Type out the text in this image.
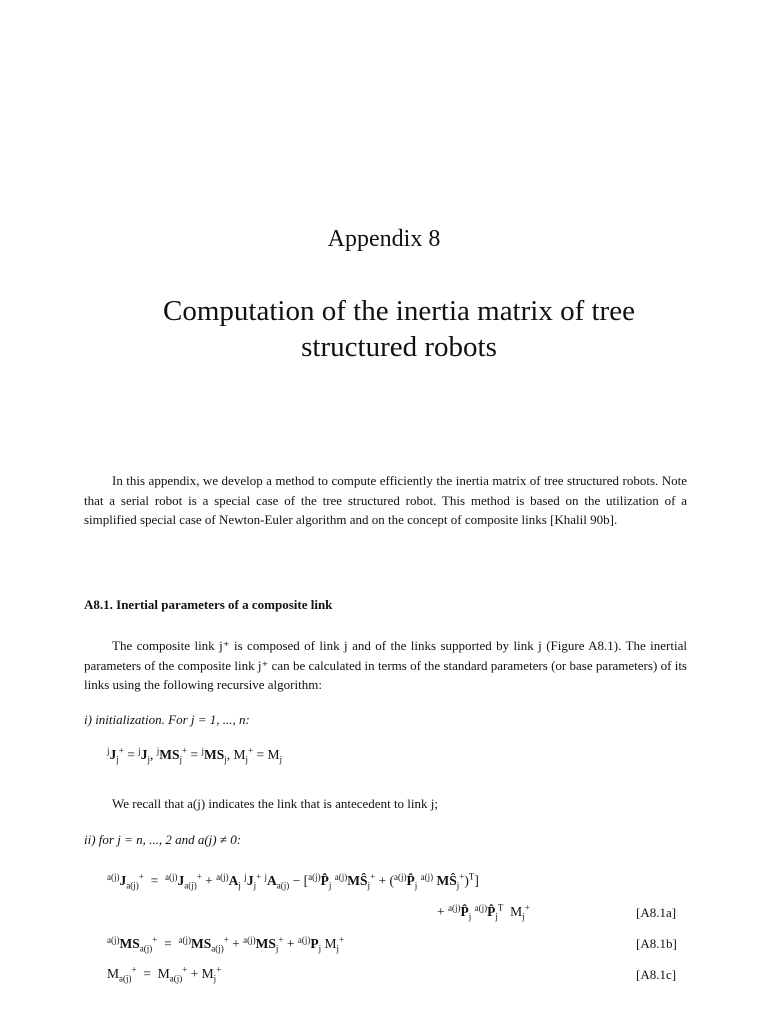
Appendix 8
Computation of the inertia matrix of tree
structured robots

In this appendix, we develop a method to compute efficiently the inertia matrix of tree structured robots. Note that a serial robot is a special case of the tree structured robot. This method is based on the utilization of a simplified special case of Newton-Euler algorithm and on the concept of composite links [Khalil 90b].

A8.1. Inertial parameters of a composite link

The composite link j⁺ is composed of link j and of the links supported by link j (Figure A8.1). The inertial parameters of the composite link j⁺ can be calculated in terms of the standard parameters (or base parameters) of its links using the following recursive algorithm:

i) initialization. For j = 1, ..., n:
$^jJ_j^+ = ^jJ_j$, $^jMS_j^+ = ^jMS_j$, $M_j^+ = M_j$
We recall that a(j) indicates the link that is antecedent to link j;
ii) for j = n, ..., 2 and a(j) ≠ 0:
$^{a(j)}J_{a(j)}^+ = ^{a(j)}J_{a(j)}^+ + ^{a(j)}A_j$ $^jJ_j^+$ $^jA_{a(j)}$ − [$^{a(j)}P̂_j$ $^{a(j)}MŜ_j^+$ + ($^{a(j)}P̂_j$ $^{a(j)}$ $MŜ_j^+)^T$]
+ $^{a(j)}P̂_j$ $^{a(j)}P̂_j^T$  $M_j^+$	[A8.1a]
$^{a(j)}MS_{a(j)}^+ = ^{a(j)}MS_{a(j)}^+ + ^{a(j)}MS_j^+ + ^{a(j)}P_j$ $M_j^+$	[A8.1b]
$M_{a(j)}^+ = M_{a(j)}^+ + M_j^+$	[A8.1c]
